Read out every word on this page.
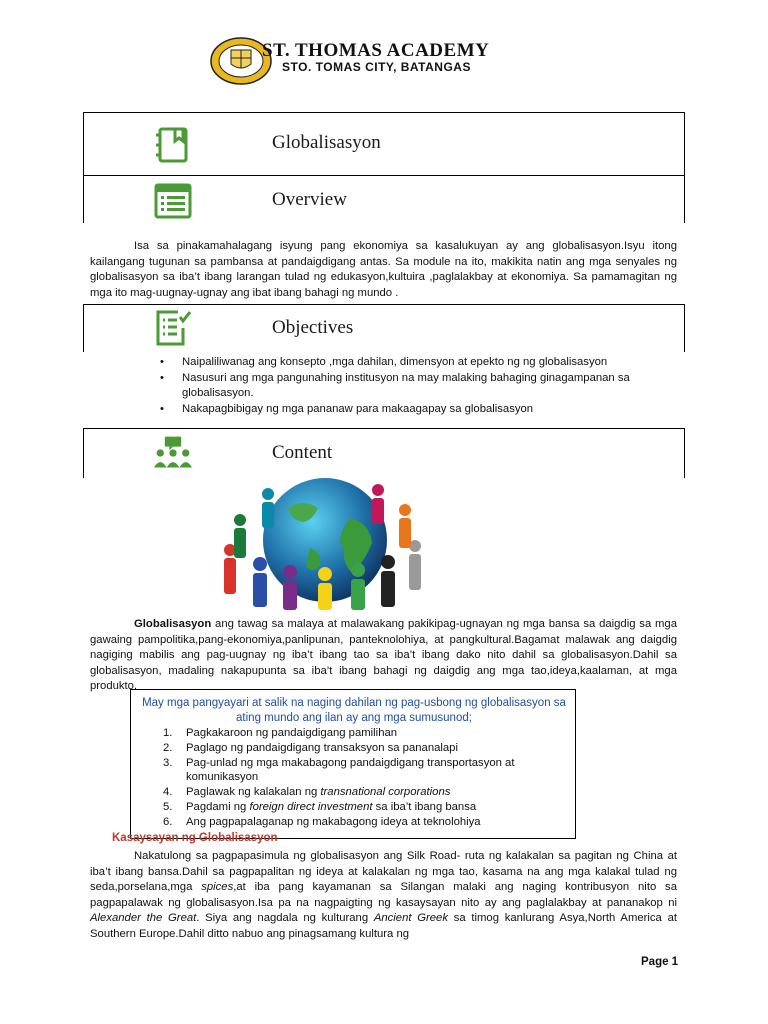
ST. THOMAS ACADEMY
STO. TOMAS CITY, BATANGAS
Globalisasyon
Overview
Isa sa pinakamahalagang isyung pang ekonomiya sa kasalukuyan ay ang globalisasyon.Isyu itong kailangang tugunan sa pambansa at pandaigdigang antas. Sa module na ito, makikita natin ang mga senyales ng globalisasyon sa iba’t ibang larangan tulad ng edukasyon,kultuira ,paglalakbay at ekonomiya. Sa pamamagitan ng mga ito mag-uugnay-ugnay ang ibat ibang bahagi ng mundo .
Objectives
• Naipaliliwanag ang konsepto ,mga dahilan, dimensyon at epekto ng ng globalisasyon
• Nasusuri ang mga pangunahing institusyon na may malaking bahaging ginagampanan sa globalisasyon.
• Nakapagbibigay ng mga pananaw para makaagapay sa globalisasyon
Content
Globalisasyon ang tawag sa malaya at malawakang pakikipag-ugnayan ng mga bansa sa daigdig sa mga gawaing pampolitika,pang-ekonomiya,panlipunan, panteknolohiya, at pangkultural.Bagamat malawak ang daigdig nagiging mabilis ang pag-uugnay ng iba’t ibang tao sa iba’t ibang dako nito dahil sa globalisasyon.Dahil sa globalisasyon, madaling nakapupunta sa iba’t ibang bahagi ng daigdig ang mga tao,ideya,kaalaman, at mga produkto.
May mga pangyayari at salik na naging dahilan ng pag-usbong ng globalisasyon sa ating mundo ang ilan ay ang mga sumusunod;
1. Pagkakaroon ng pandaigdigang pamilihan
2. Paglago ng pandaigdigang transaksyon sa pananalapi
3. Pag-unlad ng mga makabagong pandaigdigang transportasyon at komunikasyon
4. Paglawak ng kalakalan ng transnational corporations
5. Pagdami ng foreign direct investment sa iba’t ibang bansa
6. Ang pagpapalaganap ng makabagong ideya at teknolohiya
Kasaysayan ng Globalisasyon
Nakatulong sa pagpapasimula ng globalisasyon ang Silk Road- ruta ng kalakalan sa pagitan ng China at iba’t ibang bansa.Dahil sa pagpapalitan ng ideya at kalakalan ng mga tao, kasama na ang mga kalakal tulad ng seda,porselana,mga spices,at iba pang kayamanan sa Silangan malaki ang naging kontribusyon nito sa pagpapalawak ng globalisasyon.Isa pa na nagpaigting ng kasaysayan nito ay ang paglalakbay at pananakop ni Alexander the Great. Siya ang nagdala ng kulturang Ancient Greek sa timog kanlurang Asya,North America at Southern Europe.Dahil ditto nabuo ang pinagsamang kultura ng
Page 1
